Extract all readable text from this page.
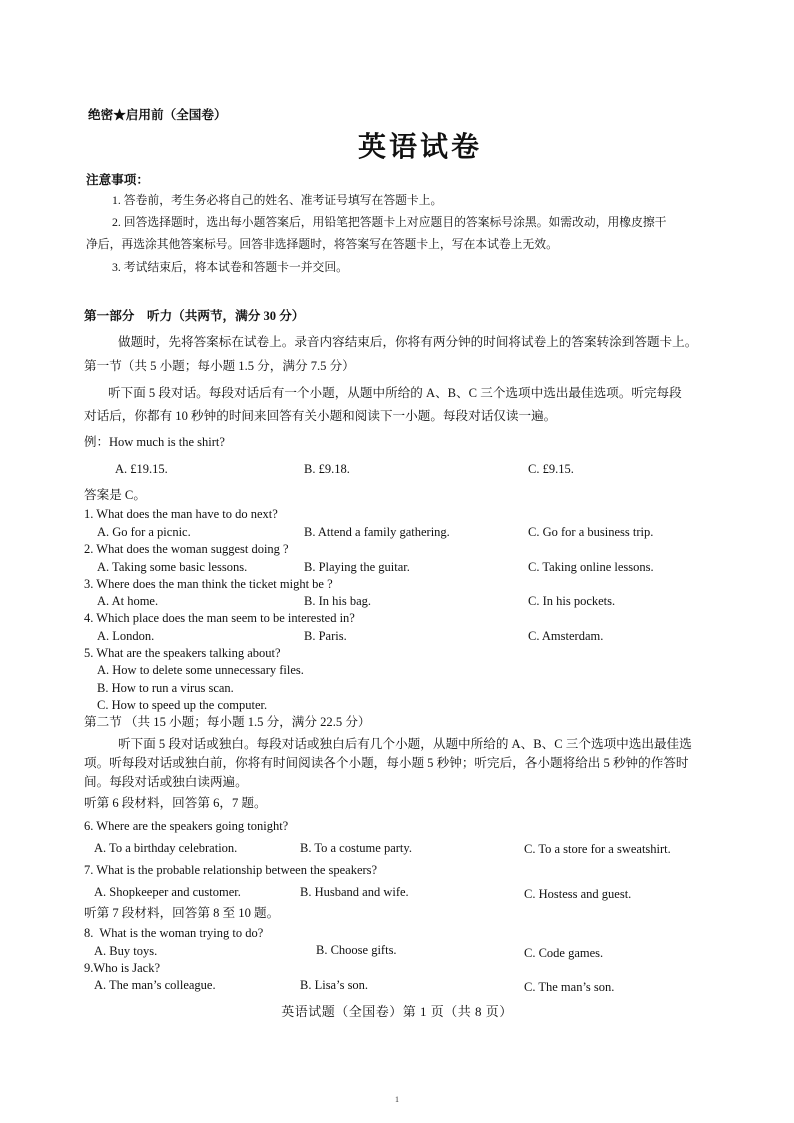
绝密★启用前（全国卷）
英语试卷
注意事项：
1. 答卷前，考生务必将自己的姓名、准考证号填写在答题卡上。
2. 回答选择题时，选出每小题答案后，用铅笔把答题卡上对应题目的答案标号涂黑。如需改动，用橡皮擦干
净后，再选涂其他答案标号。回答非选择题时，将答案写在答题卡上，写在本试卷上无效。
3. 考试结束后，将本试卷和答题卡一并交回。
第一部分　听力（共两节，满分 30 分）
做题时，先将答案标在试卷上。录音内容结束后，你将有两分钟的时间将试卷上的答案转涂到答题卡上。
第一节（共 5 小题；每小题 1.5 分，满分 7.5 分）
听下面 5 段对话。每段对话后有一个小题，从题中所给的 A、B、C 三个选项中选出最佳选项。听完每段
对话后，你都有 10 秒钟的时间来回答有关小题和阅读下一小题。每段对话仅读一遍。
例：How much is the shirt?
A. £19.15.	B. £9.18.	C. £9.15.
答案是 C。
1. What does the man have to do next?
A. Go for a picnic.	B. Attend a family gathering.	C. Go for a business trip.
2. What does the woman suggest doing ?
A. Taking some basic lessons.	B. Playing the guitar.	C. Taking online lessons.
3. Where does the man think the ticket might be ?
A. At home.	B. In his bag.	C. In his pockets.
4. Which place does the man seem to be interested in?
A. London.	B. Paris.	C. Amsterdam.
5. What are the speakers talking about?
A. How to delete some unnecessary files.
B. How to run a virus scan.
C. How to speed up the computer.
第二节 （共 15 小题；每小题 1.5 分，满分 22.5 分）
听下面 5 段对话或独白。每段对话或独白后有几个小题，从题中所给的 A、B、C 三个选项中选出最佳选
项。听每段对话或独白前，你将有时间阅读各个小题，每小题 5 秒钟；听完后，各小题将给出 5 秒钟的作答时
间。每段对话或独白读两遍。
听第 6 段材料，回答第 6，7 题。
6. Where are the speakers going tonight?
A. To a birthday celebration.	B. To a costume party.	C. To a store for a sweatshirt.
7. What is the probable relationship between the speakers?
A. Shopkeeper and customer.	B. Husband and wife.	C. Hostess and guest.
听第 7 段材料，回答第 8 至 10 题。
8.  What is the woman trying to do?
A. Buy toys.	B. Choose gifts.	C. Code games.
9.Who is Jack?
A. The man’s colleague.	B. Lisa’s son.	C. The man’s son.
英语试题（全国卷）第 1 页（共 8 页）
1
